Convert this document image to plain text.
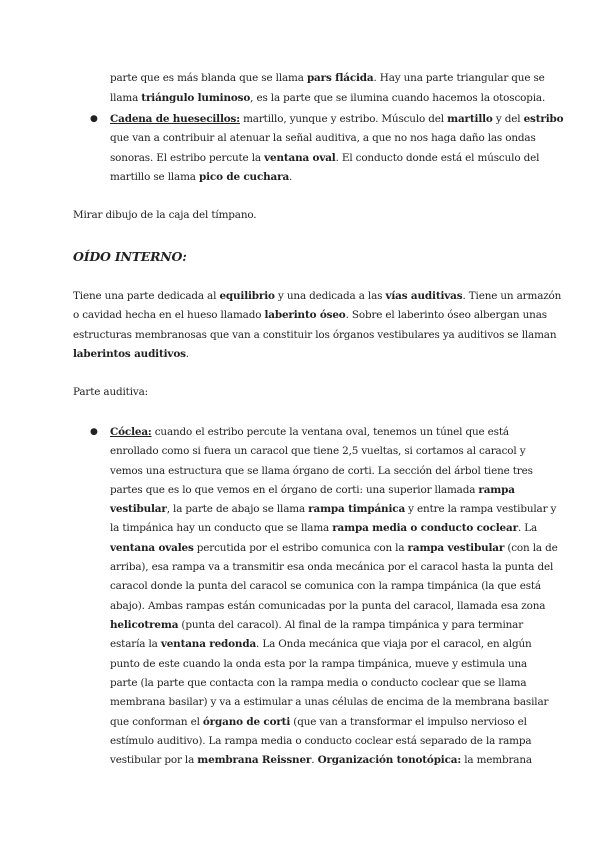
parte que es más blanda que se llama pars flácida. Hay una parte triangular que se
llama triángulo luminoso, es la parte que se ilumina cuando hacemos la otoscopia.
● Cadena de huesecillos: martillo, yunque y estribo. Músculo del martillo y del estribo
que van a contribuir al atenuar la señal auditiva, a que no nos haga daño las ondas
sonoras. El estribo percute la ventana oval. El conducto donde está el músculo del
martillo se llama pico de cuchara.
Mirar dibujo de la caja del tímpano.
OÍDO INTERNO:
Tiene una parte dedicada al equilibrio y una dedicada a las vías auditivas. Tiene un armazón
o cavidad hecha en el hueso llamado laberinto óseo. Sobre el laberinto óseo albergan unas
estructuras membranosas que van a constituir los órganos vestibulares ya auditivos se llaman
laberintos auditivos.
Parte auditiva:
● Cóclea: cuando el estribo percute la ventana oval, tenemos un túnel que está
enrollado como si fuera un caracol que tiene 2,5 vueltas, si cortamos al caracol y
vemos una estructura que se llama órgano de corti. La sección del árbol tiene tres
partes que es lo que vemos en el órgano de corti: una superior llamada rampa
vestibular, la parte de abajo se llama rampa timpánica y entre la rampa vestibular y
la timpánica hay un conducto que se llama rampa media o conducto coclear. La
ventana ovales percutida por el estribo comunica con la rampa vestibular (con la de
arriba), esa rampa va a transmitir esa onda mecánica por el caracol hasta la punta del
caracol donde la punta del caracol se comunica con la rampa timpánica (la que está
abajo). Ambas rampas están comunicadas por la punta del caracol, llamada esa zona
helicotrema (punta del caracol). Al final de la rampa timpánica y para terminar
estaría la ventana redonda. La Onda mecánica que viaja por el caracol, en algún
punto de este cuando la onda esta por la rampa timpánica, mueve y estimula una
parte (la parte que contacta con la rampa media o conducto coclear que se llama
membrana basilar) y va a estimular a unas células de encima de la membrana basilar
que conforman el órgano de corti (que van a transformar el impulso nervioso el
estímulo auditivo). La rampa media o conducto coclear está separado de la rampa
vestibular por la membrana Reissner. Organización tonotópica: la membrana
